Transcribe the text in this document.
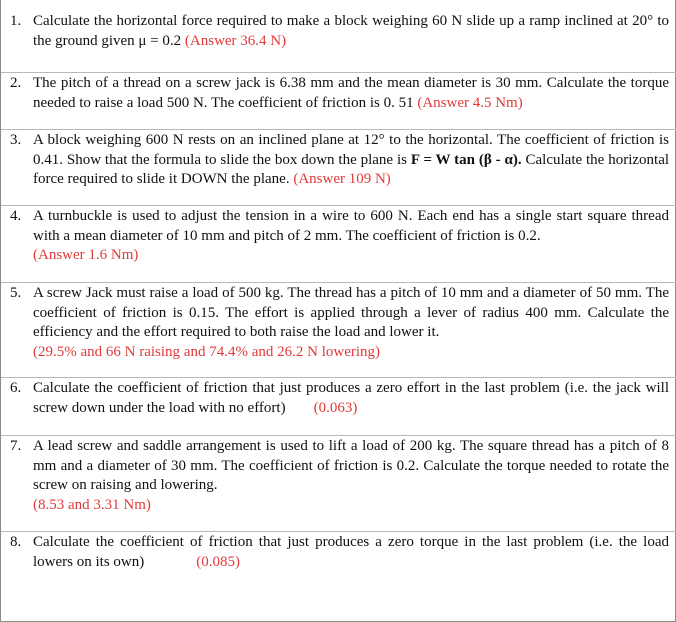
1. Calculate the horizontal force required to make a block weighing 60 N slide up a ramp inclined at 20° to the ground given μ = 0.2 (Answer 36.4 N)
2. The pitch of a thread on a screw jack is 6.38 mm and the mean diameter is 30 mm. Calculate the torque needed to raise a load 500 N. The coefficient of friction is 0. 51 (Answer 4.5 Nm)
3. A block weighing 600 N rests on an inclined plane at 12° to the horizontal. The coefficient of friction is 0.41. Show that the formula to slide the box down the plane is F = W tan (β - α). Calculate the horizontal force required to slide it DOWN the plane. (Answer 109 N)
4. A turnbuckle is used to adjust the tension in a wire to 600 N. Each end has a single start square thread with a mean diameter of 10 mm and pitch of 2 mm. The coefficient of friction is 0.2.
(Answer 1.6 Nm)
5. A screw Jack must raise a load of 500 kg. The thread has a pitch of 10 mm and a diameter of 50 mm. The coefficient of friction is 0.15. The effort is applied through a lever of radius 400 mm. Calculate the efficiency and the effort required to both raise the load and lower it.
(29.5% and 66 N raising and 74.4% and 26.2 N lowering)
6. Calculate the coefficient of friction that just produces a zero effort in the last problem (i.e. the jack will screw down under the load with no effort) (0.063)
7. A lead screw and saddle arrangement is used to lift a load of 200 kg. The square thread has a pitch of 8 mm and a diameter of 30 mm. The coefficient of friction is 0.2. Calculate the torque needed to rotate the screw on raising and lowering.
(8.53 and 3.31 Nm)
8. Calculate the coefficient of friction that just produces a zero torque in the last problem (i.e. the load lowers on its own)	(0.085)
